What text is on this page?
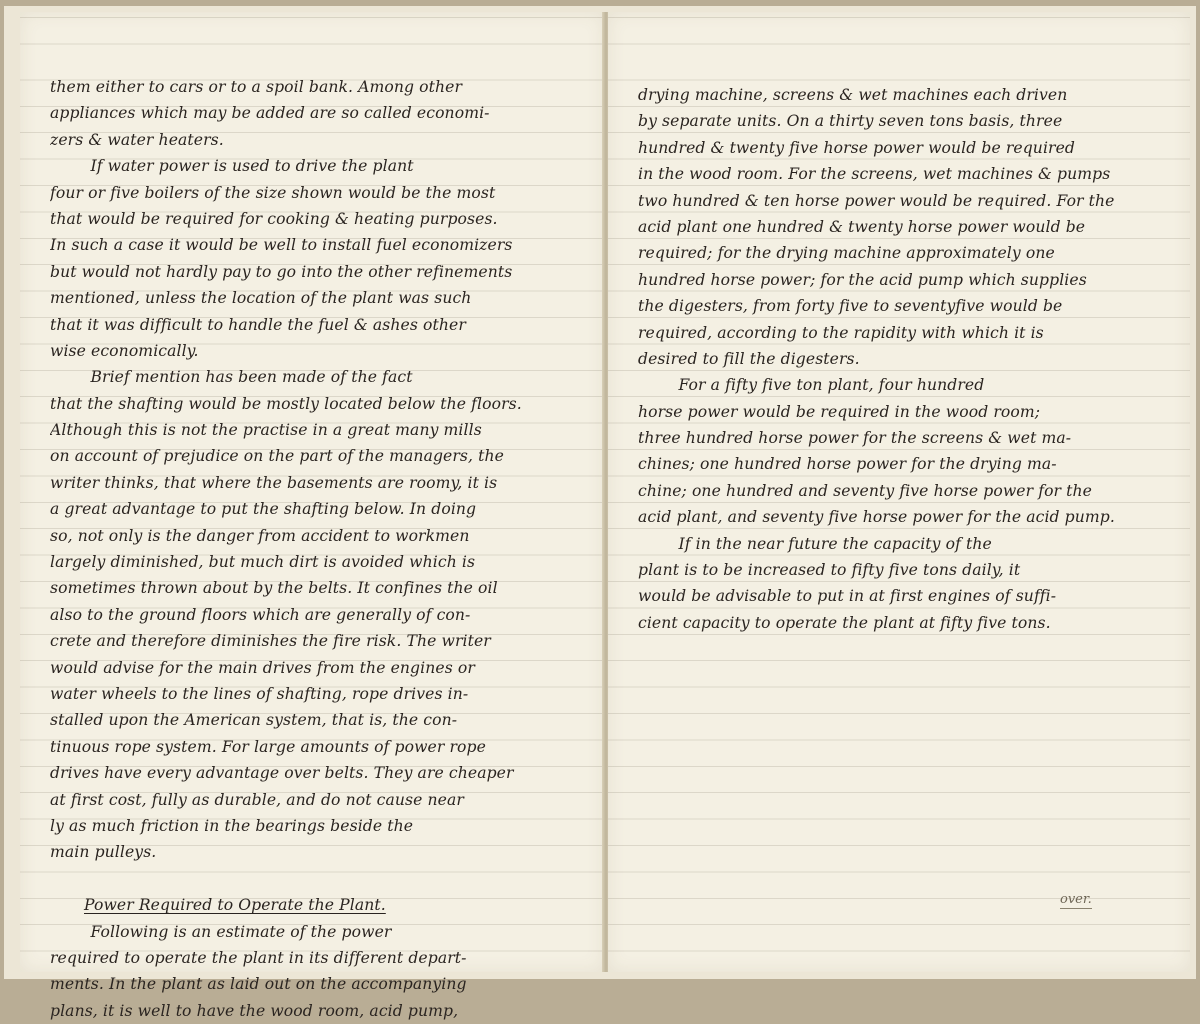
them either to cars or to a spoil bank. Among other
appliances which may be added are so called economi-
zers & water heaters.
If water power is used to drive the plant
four or five boilers of the size shown would be the most
that would be required for cooking & heating purposes.
In such a case it would be well to install fuel economizers
but would not hardly pay to go into the other refinements
mentioned, unless the location of the plant was such
that it was difficult to handle the fuel & ashes other
wise economically.
Brief mention has been made of the fact
that the shafting would be mostly located below the floors.
Although this is not the practise in a great many mills
on account of prejudice on the part of the managers, the
writer thinks, that where the basements are roomy, it is
a great advantage to put the shafting below. In doing
so, not only is the danger from accident to workmen
largely diminished, but much dirt is avoided which is
sometimes thrown about by the belts. It confines the oil
also to the ground floors which are generally of con-
crete and therefore diminishes the fire risk. The writer
would advise for the main drives from the engines or
water wheels to the lines of shafting, rope drives in-
stalled upon the American system, that is, the con-
tinuous rope system. For large amounts of power rope
drives have every advantage over belts. They are cheaper
at first cost, fully as durable, and do not cause near
ly as much friction in the bearings beside the
main pulleys.
Power Required to Operate the Plant.
Following is an estimate of the power
required to operate the plant in its different depart-
ments. In the plant as laid out on the accompanying
plans, it is well to have the wood room, acid pump,
drying machine, screens & wet machines each driven
by separate units. On a thirty seven tons basis, three
hundred & twenty five horse power would be required
in the wood room. For the screens, wet machines & pumps
two hundred & ten horse power would be required. For the
acid plant one hundred & twenty horse power would be
required; for the drying machine approximately one
hundred horse power; for the acid pump which supplies
the digesters, from forty five to seventyfive would be
required, according to the rapidity with which it is
desired to fill the digesters.
For a fifty five ton plant, four hundred
horse power would be required in the wood room;
three hundred horse power for the screens & wet ma-
chines; one hundred horse power for the drying ma-
chine; one hundred and seventy five horse power for the
acid plant, and seventy five horse power for the acid pump.
If in the near future the capacity of the
plant is to be increased to fifty five tons daily, it
would be advisable to put in at first engines of suffi-
cient capacity to operate the plant at fifty five tons.

over.
